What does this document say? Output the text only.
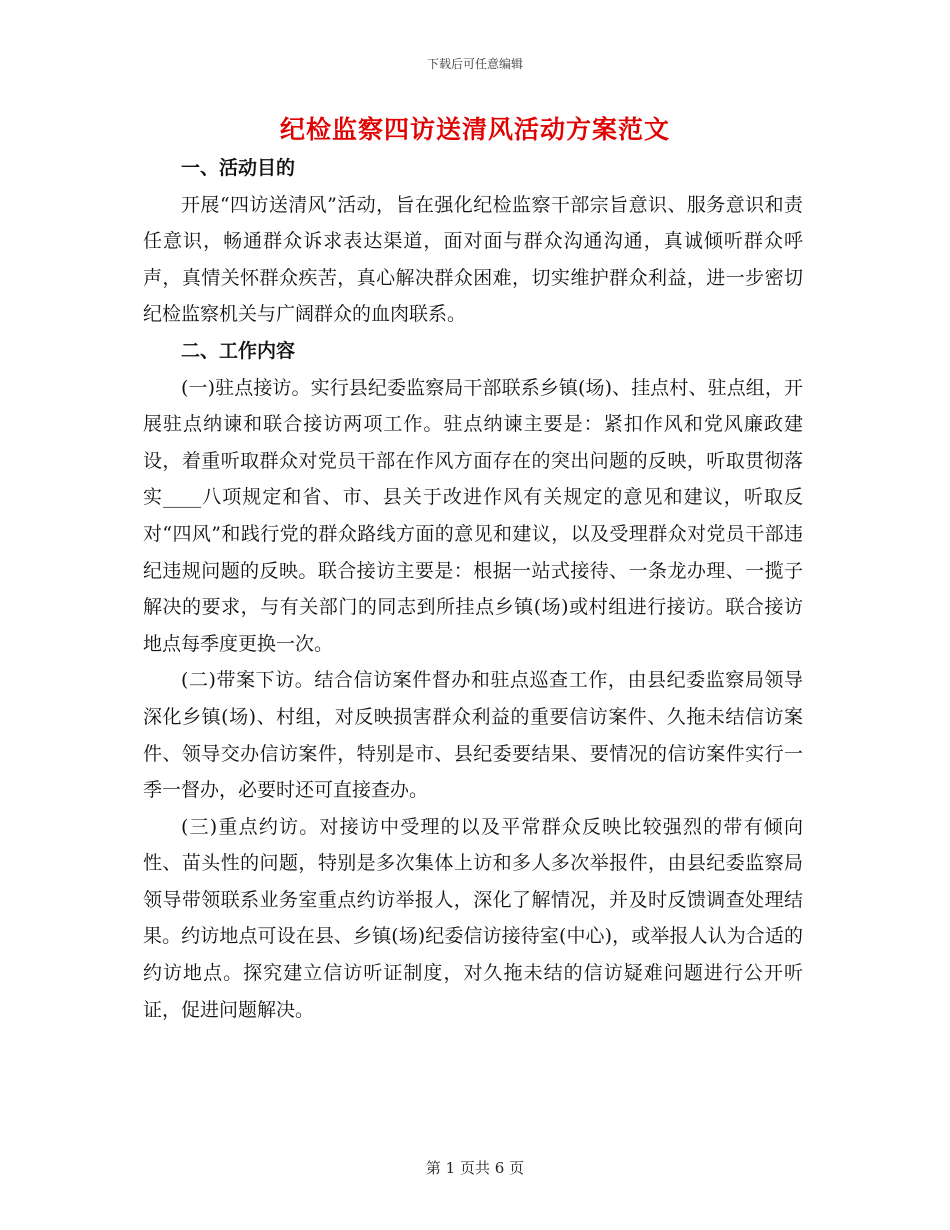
下载后可任意编辑
纪检监察四访送清风活动方案范文
一、活动目的

开展“四访送清风”活动，旨在强化纪检监察干部宗旨意识、服务意识和责任意识，畅通群众诉求表达渠道，面对面与群众沟通沟通，真诚倾听群众呼声，真情关怀群众疾苦，真心解决群众困难，切实维护群众利益，进一步密切纪检监察机关与广阔群众的血肉联系。

二、工作内容

(一)驻点接访。实行县纪委监察局干部联系乡镇(场)、挂点村、驻点组，开展驻点纳谏和联合接访两项工作。驻点纳谏主要是：紧扣作风和党风廉政建设，着重听取群众对党员干部在作风方面存在的突出问题的反映，听取贯彻落实____八项规定和省、市、县关于改进作风有关规定的意见和建议，听取反对“四风”和践行党的群众路线方面的意见和建议，以及受理群众对党员干部违纪违规问题的反映。联合接访主要是：根据一站式接待、一条龙办理、一揽子解决的要求，与有关部门的同志到所挂点乡镇(场)或村组进行接访。联合接访地点每季度更换一次。

(二)带案下访。结合信访案件督办和驻点巡查工作，由县纪委监察局领导深化乡镇(场)、村组，对反映损害群众利益的重要信访案件、久拖未结信访案件、领导交办信访案件，特别是市、县纪委要结果、要情况的信访案件实行一季一督办，必要时还可直接查办。

(三)重点约访。对接访中受理的以及平常群众反映比较强烈的带有倾向性、苗头性的问题，特别是多次集体上访和多人多次举报件，由县纪委监察局领导带领联系业务室重点约访举报人，深化了解情况，并及时反馈调查处理结果。约访地点可设在县、乡镇(场)纪委信访接待室(中心)，或举报人认为合适的约访地点。探究建立信访听证制度，对久拖未结的信访疑难问题进行公开听证，促进问题解决。

第 1 页共 6 页
